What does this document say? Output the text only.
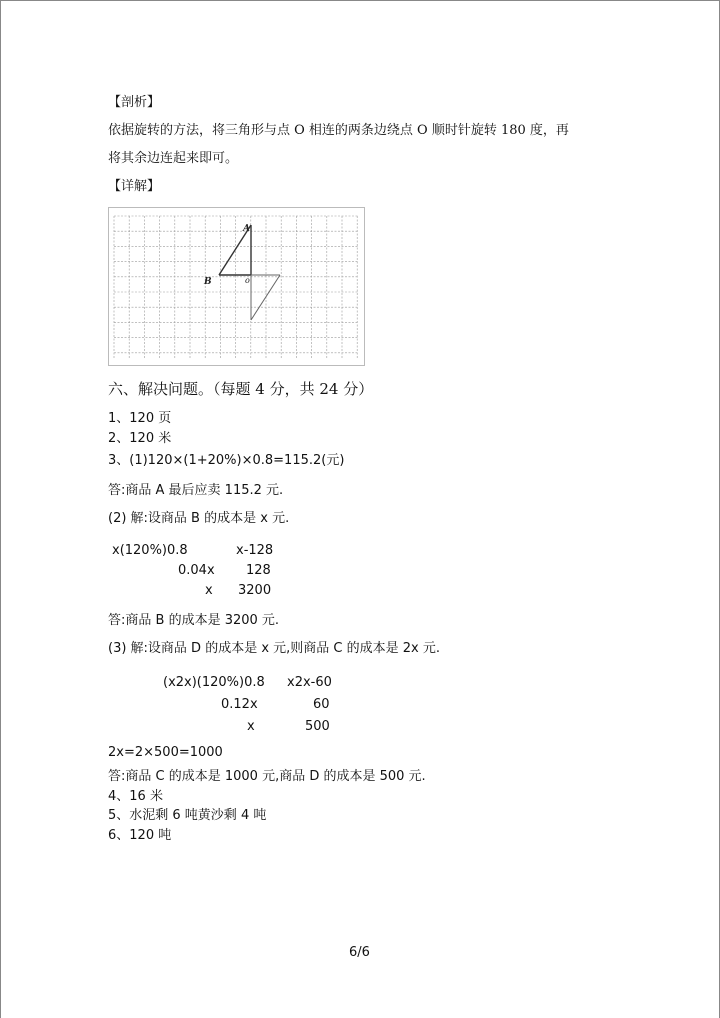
【剖析】
依据旋转的方法，将三角形与点 O 相连的两条边绕点 O 顺时针旋转 180 度，再
将其余边连起来即可。
【详解】
A
B	o
六、解决问题。（每题 4 分，共 24 分）
1、120 页
2、120 米
3、(1)120×(1+20%)×0.8=115.2(元)
答:商品 A 最后应卖 115.2 元.
(2) 解:设商品 B 的成本是 x 元.
x(120%)0.8	x-128
0.04x 128
x 3200
答:商品 B 的成本是 3200 元.
(3) 解:设商品 D 的成本是 x 元,则商品 C 的成本是 2x 元.
(x2x)(120%)0.8 x2x-60
0.12x	60
x	500
2x=2×500=1000
答:商品 C 的成本是 1000 元,商品 D 的成本是 500 元.
4、16 米
5、水泥剩 6 吨黄沙剩 4 吨
6、120 吨
6/6
